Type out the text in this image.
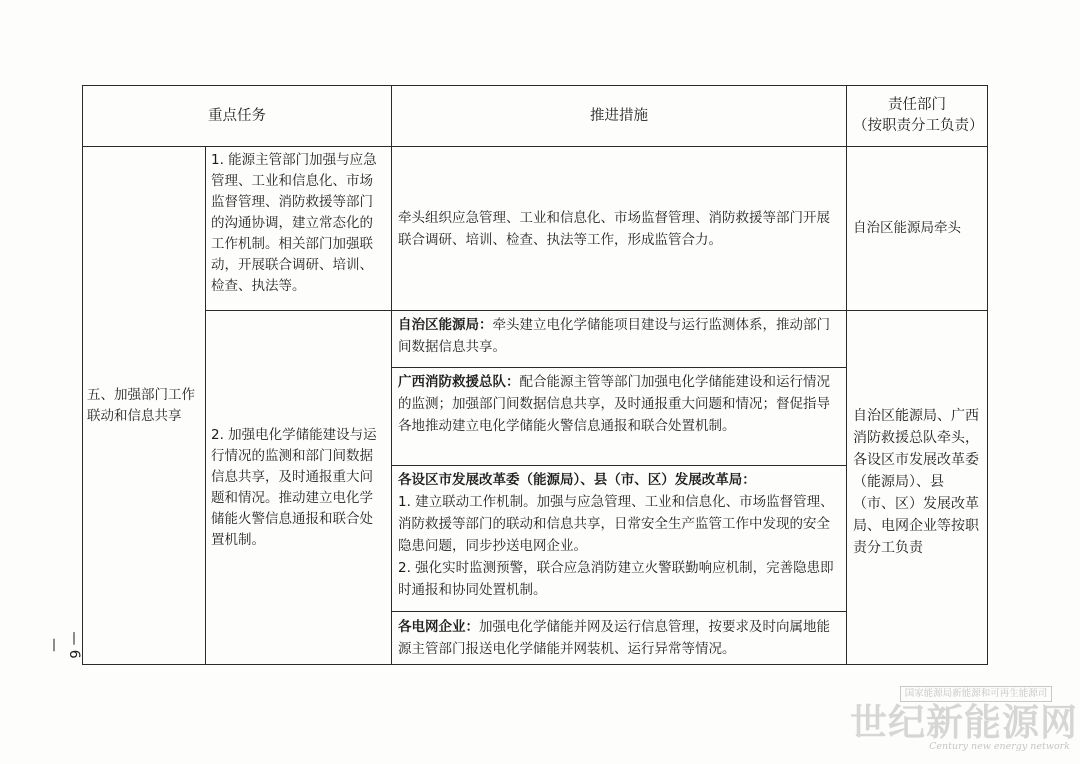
重点任务	推进措施
责任部门
（按职责分工负责）
五、加强部门工作联动和信息共享
1. 能源主管部门加强与应急管理、工业和信息化、市场监督管理、消防救援等部门的沟通协调，建立常态化的工作机制。相关部门加强联动，开展联合调研、培训、检查、执法等。
牵头组织应急管理、工业和信息化、市场监督管理、消防救援等部门开展联合调研、培训、检查、执法等工作，形成监管合力。
自治区能源局牵头
2. 加强电化学储能建设与运行情况的监测和部门间数据信息共享，及时通报重大问题和情况。推动建立电化学储能火警信息通报和联合处置机制。
自治区能源局：牵头建立电化学储能项目建设与运行监测体系，推动部门间数据信息共享。
广西消防救援总队：配合能源主管等部门加强电化学储能建设和运行情况的监测；加强部门间数据信息共享，及时通报重大问题和情况；督促指导各地推动建立电化学储能火警信息通报和联合处置机制。
各设区市发展改革委（能源局）、县（市、区）发展改革局：
1. 建立联动工作机制。加强与应急管理、工业和信息化、市场监督管理、消防救援等部门的联动和信息共享，日常安全生产监管工作中发现的安全隐患问题，同步抄送电网企业。
2. 强化实时监测预警，联合应急消防建立火警联勤响应机制，完善隐患即时通报和协同处置机制。
各电网企业：加强电化学储能并网及运行信息管理，按要求及时向属地能源主管部门报送电化学储能并网装机、运行异常等情况。
自治区能源局、广西消防救援总队牵头，各设区市发展改革委（能源局）、县（市、区）发展改革局、电网企业等按职责分工负责
— 6 —
国家能源局新能源和可再生能源司
世纪新能源网
Century new energy network
